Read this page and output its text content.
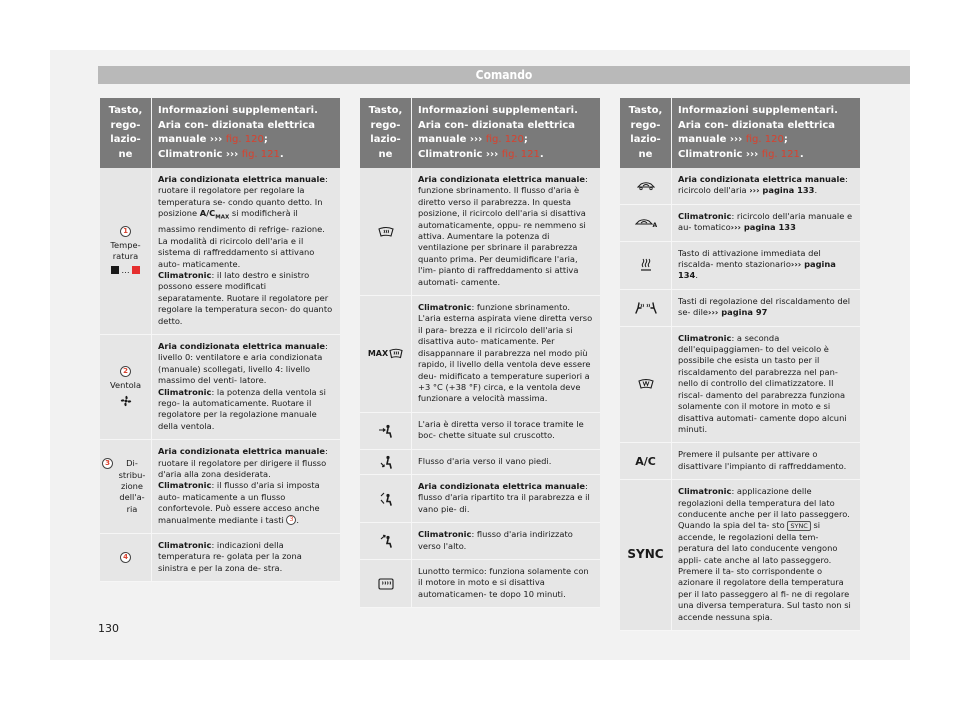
Comando
Tasto, rego- lazio- ne
Informazioni supplementari. Aria con- dizionata elettrica manuale ››› fig. 120; Climatronic ››› fig. 121.
1
Tempe- ratura
…
Aria condizionata elettrica manuale: ruotare il regolatore per regolare la temperatura se- condo quanto detto. In posizione $A/C_{MAX}$ si modificherà il massimo rendimento di refrige- razione. La modalità di ricircolo dell'aria e il sistema di raffreddamento si attivano auto- maticamente.
Climatronic: il lato destro e sinistro possono essere modificati separatamente. Ruotare il regolatore per regolare la temperatura secon- do quanto detto.
2
Ventola
Aria condizionata elettrica manuale: livello 0: ventilatore e aria condizionata (manuale) scollegati, livello 4: livello massimo del venti- latore.
Climatronic: la potenza della ventola si rego- la automaticamente. Ruotare il regolatore per la regolazione manuale della ventola.
3	Di- stribu- zione dell'a- ria
Aria condizionata elettrica manuale: ruotare il regolatore per dirigere il flusso d'aria alla zona desiderata.
Climatronic: il flusso d'aria si imposta auto- maticamente a un flusso confortevole. Può essere acceso anche manualmente mediante i tasti 3 .
4
Climatronic: indicazioni della temperatura re- golata per la zona sinistra e per la zona de- stra.
Tasto, rego- lazio- ne
Informazioni supplementari. Aria con- dizionata elettrica manuale ››› fig. 120; Climatronic ››› fig. 121.
Aria condizionata elettrica manuale: funzione sbrinamento. Il flusso d'aria è diretto verso il parabrezza. In questa posizione, il ricircolo dell'aria si disattiva automaticamente, oppu- re nemmeno si attiva. Aumentare la potenza di ventilazione per sbrinare il parabrezza quanto prima. Per deumidificare l'aria, l'im- pianto di raffreddamento si attiva automati- camente.
MAX
Climatronic: funzione sbrinamento. L'aria esterna aspirata viene diretta verso il para- brezza e il ricircolo dell'aria si disattiva auto- maticamente. Per disappannare il parabrezza nel modo più rapido, il livello della ventola deve essere deu- midificato a temperature superiori a +3 °C (+38 °F) circa, e la ventola deve funzionare a velocità massima.
L'aria è diretta verso il torace tramite le boc- chette situate sul cruscotto.
Flusso d'aria verso il vano piedi.
Aria condizionata elettrica manuale: flusso d'aria ripartito tra il parabrezza e il vano pie- di.
Climatronic: flusso d'aria indirizzato verso l'alto.
Lunotto termico: funziona solamente con il motore in moto e si disattiva automaticamen- te dopo 10 minuti.
Tasto, rego- lazio- ne
Informazioni supplementari. Aria con- dizionata elettrica manuale ››› fig. 120; Climatronic ››› fig. 121.
Aria condizionata elettrica manuale: ricircolo dell'aria ››› pagina 133.
A
Climatronic: ricircolo dell'aria manuale e au- tomatico››› pagina 133
Tasto di attivazione immediata del riscalda- mento stazionario››› pagina 134.
Tasti di regolazione del riscaldamento del se- dile››› pagina 97
Climatronic: a seconda dell'equipaggiamen- to del veicolo è possibile che esista un tasto per il riscaldamento del parabrezza nel pan- nello di controllo del climatizzatore. Il riscal- damento del parabrezza funziona solamente con il motore in moto e si disattiva automati- camente dopo alcuni minuti.
A/C
Premere il pulsante per attivare o disattivare l'impianto di raffreddamento.
SYNC
Climatronic: applicazione delle regolazioni della temperatura del lato conducente anche per il lato passeggero. Quando la spia del ta- sto SYNC si accende, le regolazioni della tem- peratura del lato conducente vengono appli- cate anche al lato passeggero. Premere il ta- sto corrispondente o azionare il regolatore della temperatura per il lato passeggero al fi- ne di regolare una diversa temperatura. Sul tasto non si accende nessuna spia.
130
